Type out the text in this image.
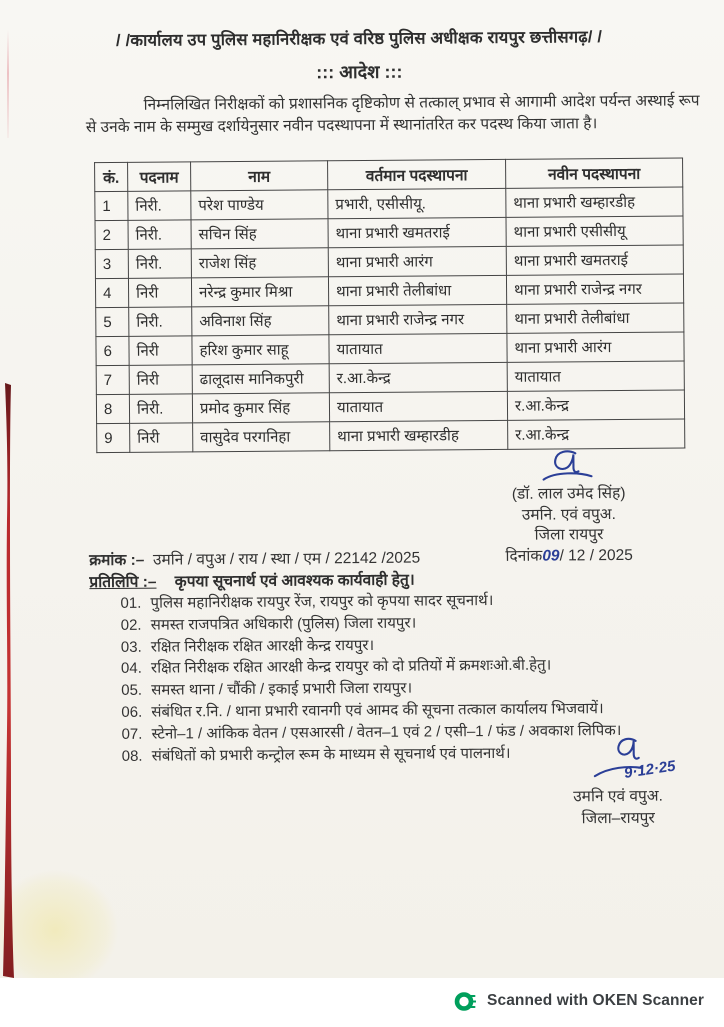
/ /कार्यालय उप पुलिस महानिरीक्षक एवं वरिष्ठ पुलिस अधीक्षक रायपुर छत्तीसगढ़/ /
::: आदेश :::
निम्नलिखित निरीक्षकों को प्रशासनिक दृष्टिकोण से तत्काल् प्रभाव से आगामी आदेश पर्यन्त अस्थाई रूप से उनके नाम के सम्मुख दर्शायेनुसार नवीन पदस्थापना में स्थानांतरित कर पदस्थ किया जाता है।
कं.	पदनाम	नाम	वर्तमान पदस्थापना	नवीन पदस्थापना
1	निरी.	परेश पाण्डेय	प्रभारी, एसीसीयू.	थाना प्रभारी खम्हारडीह
2	निरी.	सचिन सिंह	थाना प्रभारी खमतराई	थाना प्रभारी एसीसीयू
3	निरी.	राजेश सिंह	थाना प्रभारी आरंग	थाना प्रभारी खमतराई
4	निरी	नरेन्द्र कुमार मिश्रा	थाना प्रभारी तेलीबांधा	थाना प्रभारी राजेन्द्र नगर
5	निरी.	अविनाश सिंह	थाना प्रभारी राजेन्द्र नगर	थाना प्रभारी तेलीबांधा
6	निरी	हरिश कुमार साहू	यातायात	थाना प्रभारी आरंग
7	निरी	ढालूदास मानिकपुरी	र.आ.केन्द्र	यातायात
8	निरी.	प्रमोद कुमार सिंह	यातायात	र.आ.केन्द्र
9	निरी	वासुदेव परगनिहा	थाना प्रभारी खम्हारडीह	र.आ.केन्द्र
(डॉ. लाल उमेद सिंह)
उमनि. एवं वपुअ.
जिला रायपुर
दिनांक09/ 12 / 2025
क्रमांक :– उमनि / वपुअ / राय / स्था / एम / 22142 /2025
प्रतिलिपि :– कृपया सूचनार्थ एवं आवश्यक कार्यवाही हेतु।
01. पुलिस महानिरीक्षक रायपुर रेंज, रायपुर को कृपया सादर सूचनार्थ।
02. समस्त राजपत्रित अधिकारी (पुलिस) जिला रायपुर।
03. रक्षित निरीक्षक रक्षित आरक्षी केन्द्र रायपुर।
04. रक्षित निरीक्षक रक्षित आरक्षी केन्द्र रायपुर को दो प्रतियों में क्रमशःओ.बी.हेतु।
05. समस्त थाना / चौंकी / इकाई प्रभारी जिला रायपुर।
06. संबंधित र.नि. / थाना प्रभारी रवानगी एवं आमद की सूचना तत्काल कार्यालय भिजवायें।
07. स्टेनो–1 / आंकिक वेतन / एसआरसी / वेतन–1 एवं 2 / एसी–1 / फंड / अवकाश लिपिक।
08. संबंधितों को प्रभारी कन्ट्रोल रूम के माध्यम से सूचनार्थ एवं पालनार्थ।
9·12·25
उमनि एवं वपुअ.
जिला–रायपुर
Scanned with OKEN Scanner
